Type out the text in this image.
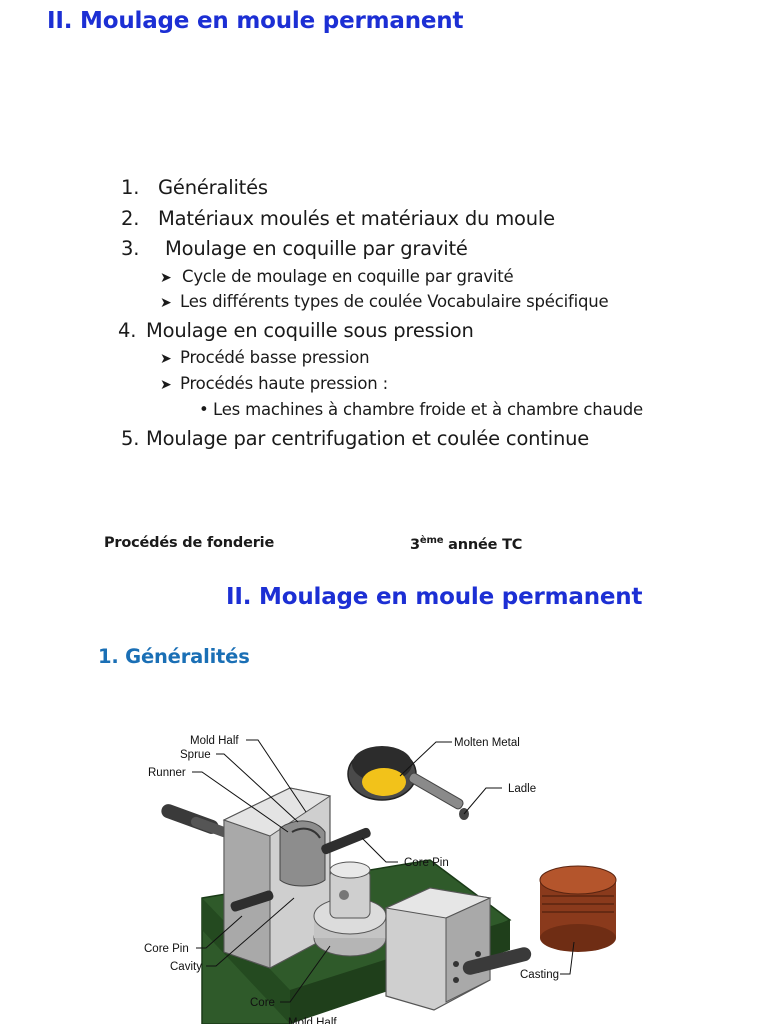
II. Moulage en moule permanent
1. Généralités
2. Matériaux moulés et matériaux du moule
3. Moulage en coquille par gravité
➤ Cycle de moulage en coquille par gravité
➤ Les différents types de coulée Vocabulaire spécifique
4. Moulage en coquille sous pression
➤ Procédé basse pression
➤ Procédés haute pression :
• Les machines à chambre froide et à chambre chaude
5. Moulage par centrifugation et coulée continue
Procédés de fonderie	3ème année TC
II. Moulage en moule permanent
1. Généralités
Mold Half
Sprue
Runner
Molten Metal
Ladle
Core Pin
Core Pin
Cavity
Casting
Core
Mold Half
